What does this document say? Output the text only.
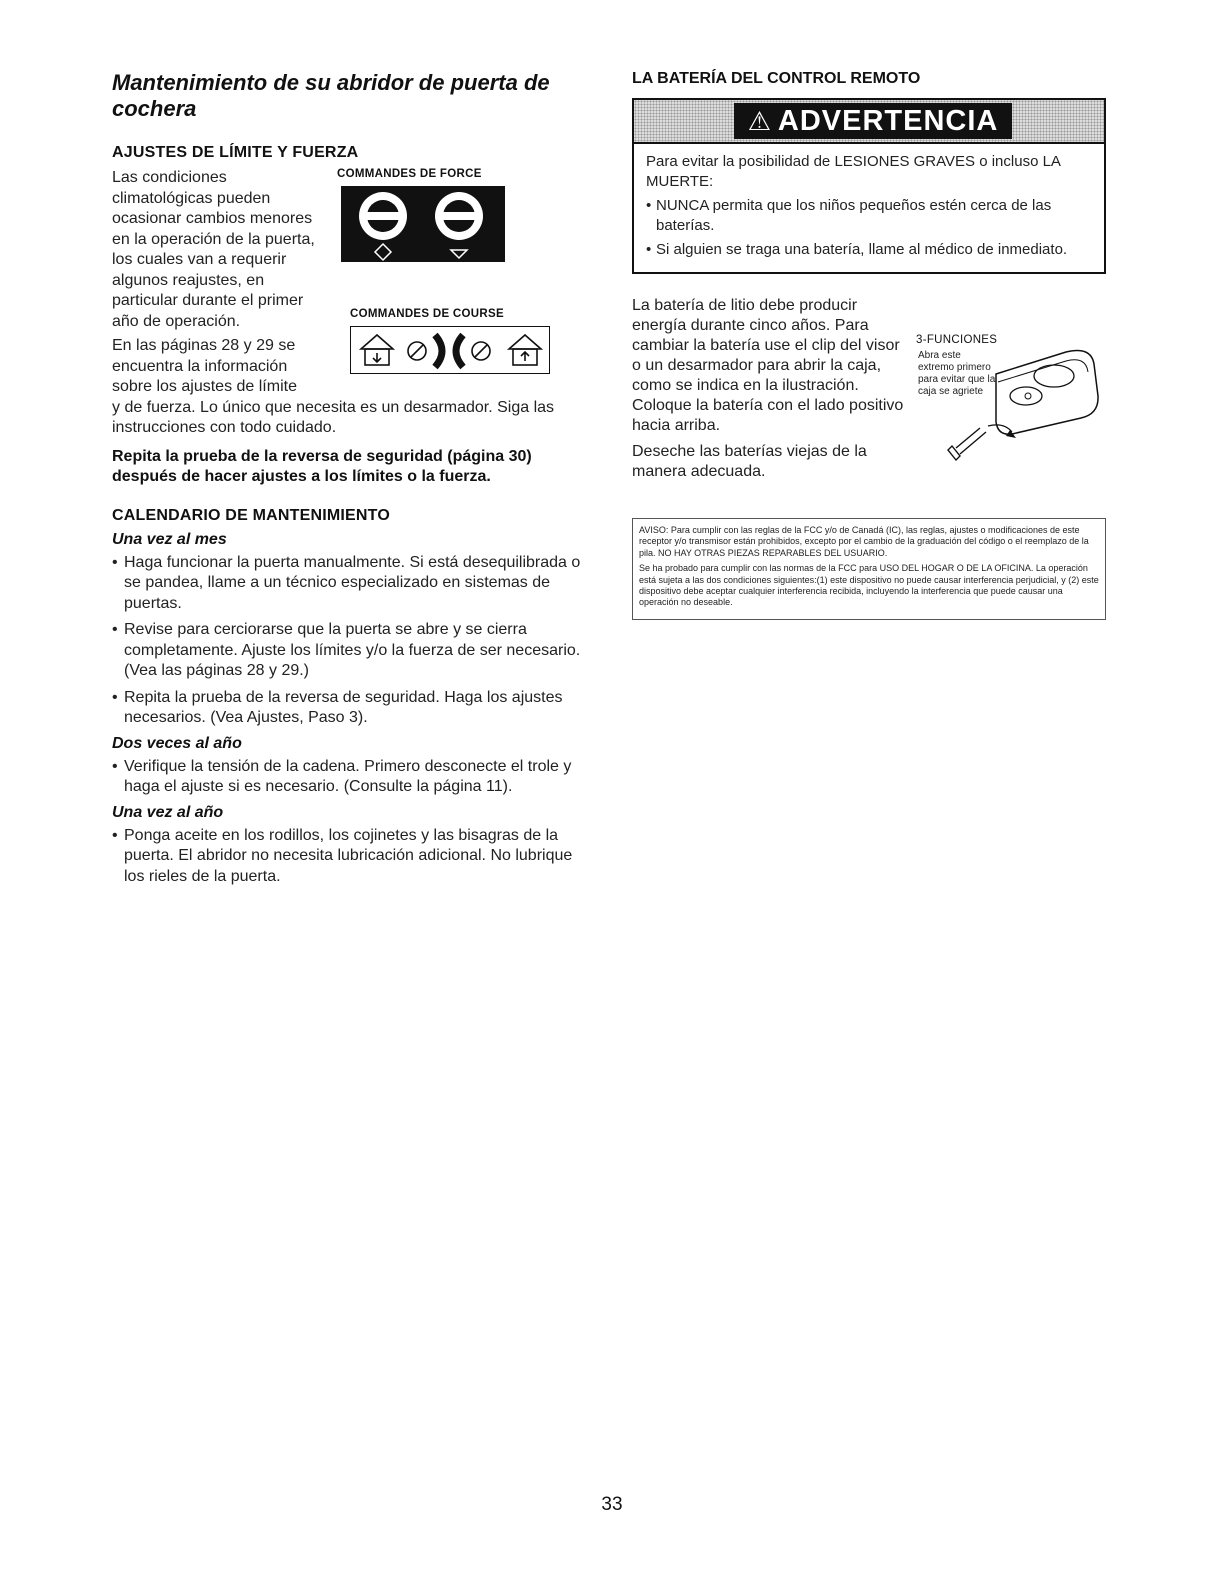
Mantenimiento de su abridor de puerta de cochera
AJUSTES DE LÍMITE Y FUERZA

Las condiciones climatológicas pueden ocasionar cambios menores en la operación de la puerta, los cuales van a requerir algunos reajustes, en particular durante el primer año de operación.

En las páginas 28 y 29 se encuentra la información sobre los ajustes de límite

y de fuerza. Lo único que necesita es un desarmador. Siga las instrucciones con todo cuidado.

COMMANDES DE FORCE
COMMANDES DE COURSE

Repita la prueba de la reversa de seguridad (página 30) después de hacer ajustes a los límites o la fuerza.

CALENDARIO DE MANTENIMIENTO
Una vez al mes
• Haga funcionar la puerta manualmente. Si está desequilibrada o se pandea, llame a un técnico especializado en sistemas de puertas.
• Revise para cerciorarse que la puerta se abre y se cierra completamente. Ajuste los límites y/o la fuerza de ser necesario. (Vea las páginas 28 y 29.)
• Repita la prueba de la reversa de seguridad. Haga los ajustes necesarios. (Vea Ajustes, Paso 3).
Dos veces al año
• Verifique la tensión de la cadena. Primero desconecte el trole y haga el ajuste si es necesario. (Consulte la página 11).
Una vez al año
• Ponga aceite en los rodillos, los cojinetes y las bisagras de la puerta. El abridor no necesita lubricación adicional. No lubrique los rieles de la puerta.
LA BATERÍA DEL CONTROL REMOTO
⚠ ADVERTENCIA

Para evitar la posibilidad de LESIONES GRAVES o incluso LA MUERTE:

• NUNCA permita que los niños pequeños estén cerca de las baterías.
• Si alguien se traga una batería, llame al médico de inmediato.

La batería de litio debe producir energía durante cinco años. Para cambiar la batería use el clip del visor o un desarmador para abrir la caja, como se indica en la ilustración. Coloque la batería con el lado positivo hacia arriba.

Deseche las baterías viejas de la manera adecuada.

3-FUNCIONES
Abra este extremo primero para evitar que la caja se agriete

AVISO: Para cumplir con las reglas de la FCC y/o de Canadá (IC), las reglas, ajustes o modificaciones de este receptor y/o transmisor están prohibidos, excepto por el cambio de la graduación del código o el reemplazo de la pila. NO HAY OTRAS PIEZAS REPARABLES DEL USUARIO.

Se ha probado para cumplir con las normas de la FCC para USO DEL HOGAR O DE LA OFICINA. La operación está sujeta a las dos condiciones siguientes:(1) este dispositivo no puede causar interferencia perjudicial, y (2) este dispositivo debe aceptar cualquier interferencia recibida, incluyendo la interferencia que puede causar una operación no deseable.

33
